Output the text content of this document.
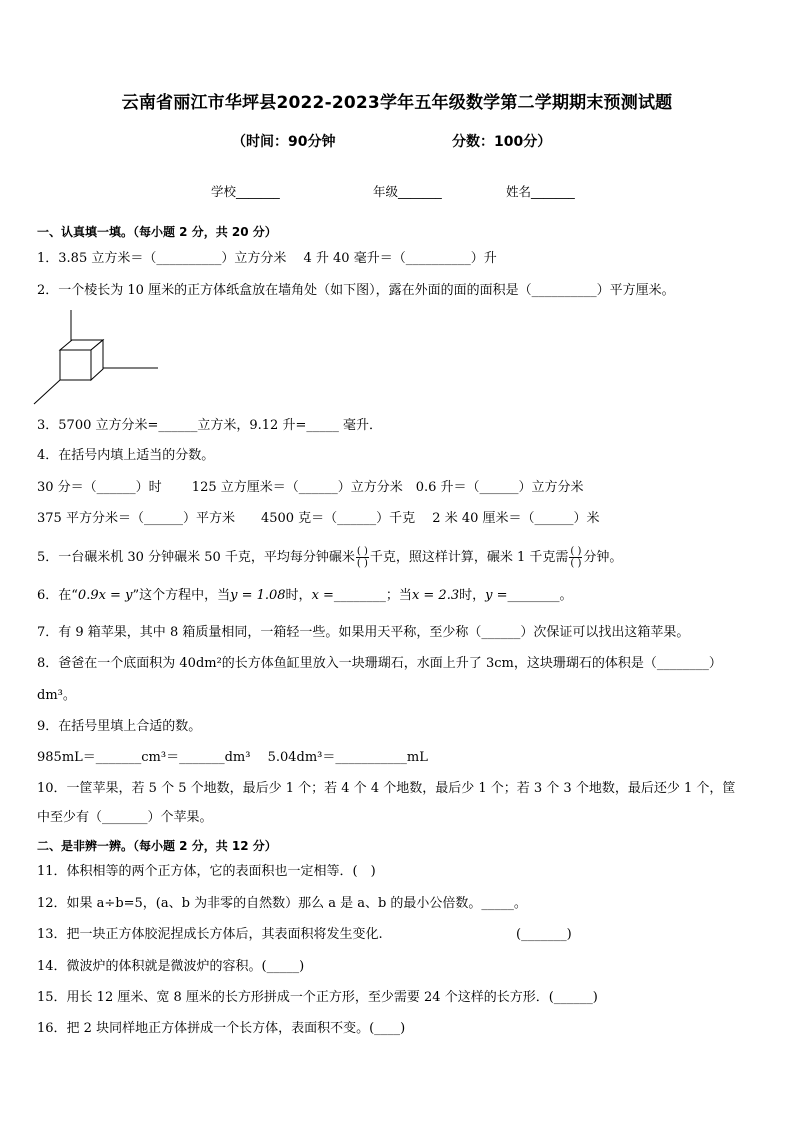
云南省丽江市华坪县2022-2023学年五年级数学第二学期期末预测试题
（时间：90分钟	分数：100分）
学校_______	年级_______	姓名_______
一、认真填一填。（每小题 2 分，共 20 分）
1．3.85 立方米＝（__________）立方分米　 4 升 40 毫升＝（__________）升
2．一个棱长为 10 厘米的正方体纸盒放在墙角处（如下图），露在外面的面的面积是（__________）平方厘米。
3．5700 立方分米=______立方米，9.12 升=_____ 毫升．
4．在括号内填上适当的分数。
30 分＝（______）时　　 125 立方厘米＝（______）立方分米　0.6 升＝（______）立方分米
375 平方分米＝（______）平方米　　4500 克＝（______）千克　 2 米 40 厘米＝（______）米
5．一台碾米机 30 分钟碾米 50 千克，平均每分钟碾米 $\frac{( )}{( )}$ 千克，照这样计算，碾米 1 千克需 $\frac{( )}{( )}$ 分钟。
6．在“0.9x = y”这个方程中，当y = 1.08时，x =________；当x = 2.3时，y =________。
7．有 9 箱苹果，其中 8 箱质量相同，一箱轻一些。如果用天平称，至少称（______）次保证可以找出这箱苹果。
8．爸爸在一个底面积为 40dm²的长方体鱼缸里放入一块珊瑚石，水面上升了 3cm，这块珊瑚石的体积是（________）
dm³。
9．在括号里填上合适的数。
985mL＝_______cm³＝_______dm³　 5.04dm³＝___________mL
10．一筐苹果，若 5 个 5 个地数，最后少 1 个；若 4 个 4 个地数，最后少 1 个；若 3 个 3 个地数，最后还少 1 个，筐
中至少有（_______）个苹果。
二、是非辨一辨。（每小题 2 分，共 12 分）
11．体积相等的两个正方体，它的表面积也一定相等．(　)
12．如果 a÷b=5，(a、b 为非零的自然数）那么 a 是 a、b 的最小公倍数。_____。
13．把一块正方体胶泥捏成长方体后，其表面积将发生变化.	(_______)
14．微波炉的体积就是微波炉的容积。(_____)
15．用长 12 厘米、宽 8 厘米的长方形拼成一个正方形，至少需要 24 个这样的长方形．(______)
16．把 2 块同样地正方体拼成一个长方体，表面积不变。(____)
